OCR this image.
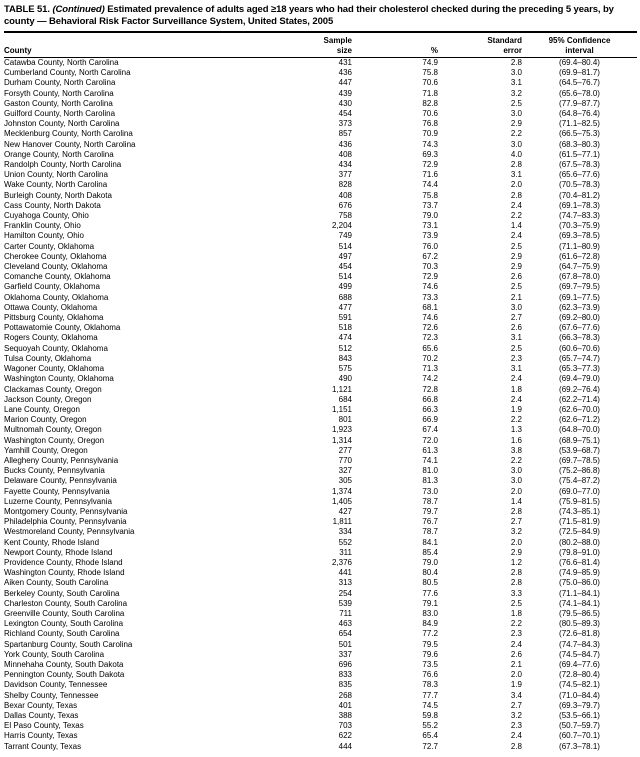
TABLE 51. (Continued) Estimated prevalence of adults aged ≥18 years who had their cholesterol checked during the preceding 5 years, by county — Behavioral Risk Factor Surveillance System, United States, 2005
County

Sample
size	%

Standard
error

95% Confidence
interval

Catawba County, North Carolina	431	74.9	2.8	(69.4–80.4)
Cumberland County, North Carolina	436	75.8	3.0	(69.9–81.7)
Durham County, North Carolina	447	70.6	3.1	(64.5–76.7)
Forsyth County, North Carolina	439	71.8	3.2	(65.6–78.0)
Gaston County, North Carolina	430	82.8	2.5	(77.9–87.7)
Guilford County, North Carolina	454	70.6	3.0	(64.8–76.4)
Johnston County, North Carolina	373	76.8	2.9	(71.1–82.5)
Mecklenburg County, North Carolina	857	70.9	2.2	(66.5–75.3)
New Hanover County, North Carolina	436	74.3	3.0	(68.3–80.3)
Orange County, North Carolina	408	69.3	4.0	(61.5–77.1)
Randolph County, North Carolina	434	72.9	2.8	(67.5–78.3)
Union County, North Carolina	377	71.6	3.1	(65.6–77.6)
Wake County, North Carolina	828	74.4	2.0	(70.5–78.3)
Burleigh County, North Dakota	408	75.8	2.8	(70.4–81.2)
Cass County, North Dakota	676	73.7	2.4	(69.1–78.3)
Cuyahoga County, Ohio	758	79.0	2.2	(74.7–83.3)
Franklin County, Ohio	2,204	73.1	1.4	(70.3–75.9)
Hamilton County, Ohio	749	73.9	2.4	(69.3–78.5)
Carter County, Oklahoma	514	76.0	2.5	(71.1–80.9)
Cherokee County, Oklahoma	497	67.2	2.9	(61.6–72.8)
Cleveland County, Oklahoma	454	70.3	2.9	(64.7–75.9)
Comanche County, Oklahoma	514	72.9	2.6	(67.8–78.0)
Garfield County, Oklahoma	499	74.6	2.5	(69.7–79.5)
Oklahoma County, Oklahoma	688	73.3	2.1	(69.1–77.5)
Ottawa County, Oklahoma	477	68.1	3.0	(62.3–73.9)
Pittsburg County, Oklahoma	591	74.6	2.7	(69.2–80.0)
Pottawatomie County, Oklahoma	518	72.6	2.6	(67.6–77.6)
Rogers County, Oklahoma	474	72.3	3.1	(66.3–78.3)
Sequoyah County, Oklahoma	512	65.6	2.5	(60.6–70.6)
Tulsa County, Oklahoma	843	70.2	2.3	(65.7–74.7)
Wagoner County, Oklahoma	575	71.3	3.1	(65.3–77.3)
Washington County, Oklahoma	490	74.2	2.4	(69.4–79.0)
Clackamas County, Oregon	1,121	72.8	1.8	(69.2–76.4)
Jackson County, Oregon	684	66.8	2.4	(62.2–71.4)
Lane County, Oregon	1,151	66.3	1.9	(62.6–70.0)
Marion County, Oregon	801	66.9	2.2	(62.6–71.2)
Multnomah County, Oregon	1,923	67.4	1.3	(64.8–70.0)
Washington County, Oregon	1,314	72.0	1.6	(68.9–75.1)
Yamhill County, Oregon	277	61.3	3.8	(53.9–68.7)
Allegheny County, Pennsylvania	770	74.1	2.2	(69.7–78.5)
Bucks County, Pennsylvania	327	81.0	3.0	(75.2–86.8)
Delaware County, Pennsylvania	305	81.3	3.0	(75.4–87.2)
Fayette County, Pennsylvania	1,374	73.0	2.0	(69.0–77.0)
Luzerne County, Pennsylvania	1,405	78.7	1.4	(75.9–81.5)
Montgomery County, Pennsylvania	427	79.7	2.8	(74.3–85.1)
Philadelphia County, Pennsylvania	1,811	76.7	2.7	(71.5–81.9)
Westmoreland County, Pennsylvania	334	78.7	3.2	(72.5–84.9)
Kent County, Rhode Island	552	84.1	2.0	(80.2–88.0)
Newport County, Rhode Island	311	85.4	2.9	(79.8–91.0)
Providence County, Rhode Island	2,376	79.0	1.2	(76.6–81.4)
Washington County, Rhode Island	441	80.4	2.8	(74.9–85.9)
Aiken County, South Carolina	313	80.5	2.8	(75.0–86.0)
Berkeley County, South Carolina	254	77.6	3.3	(71.1–84.1)
Charleston County, South Carolina	539	79.1	2.5	(74.1–84.1)
Greenville County, South Carolina	711	83.0	1.8	(79.5–86.5)
Lexington County, South Carolina	463	84.9	2.2	(80.5–89.3)
Richland County, South Carolina	654	77.2	2.3	(72.6–81.8)
Spartanburg County, South Carolina	501	79.5	2.4	(74.7–84.3)
York County, South Carolina	337	79.6	2.6	(74.5–84.7)
Minnehaha County, South Dakota	696	73.5	2.1	(69.4–77.6)
Pennington County, South Dakota	833	76.6	2.0	(72.8–80.4)
Davidson County, Tennessee	835	78.3	1.9	(74.5–82.1)
Shelby County, Tennessee	268	77.7	3.4	(71.0–84.4)
Bexar County, Texas	401	74.5	2.7	(69.3–79.7)
Dallas County, Texas	388	59.8	3.2	(53.5–66.1)
El Paso County, Texas	703	55.2	2.3	(50.7–59.7)
Harris County, Texas	622	65.4	2.4	(60.7–70.1)
Tarrant County, Texas	444	72.7	2.8	(67.3–78.1)
